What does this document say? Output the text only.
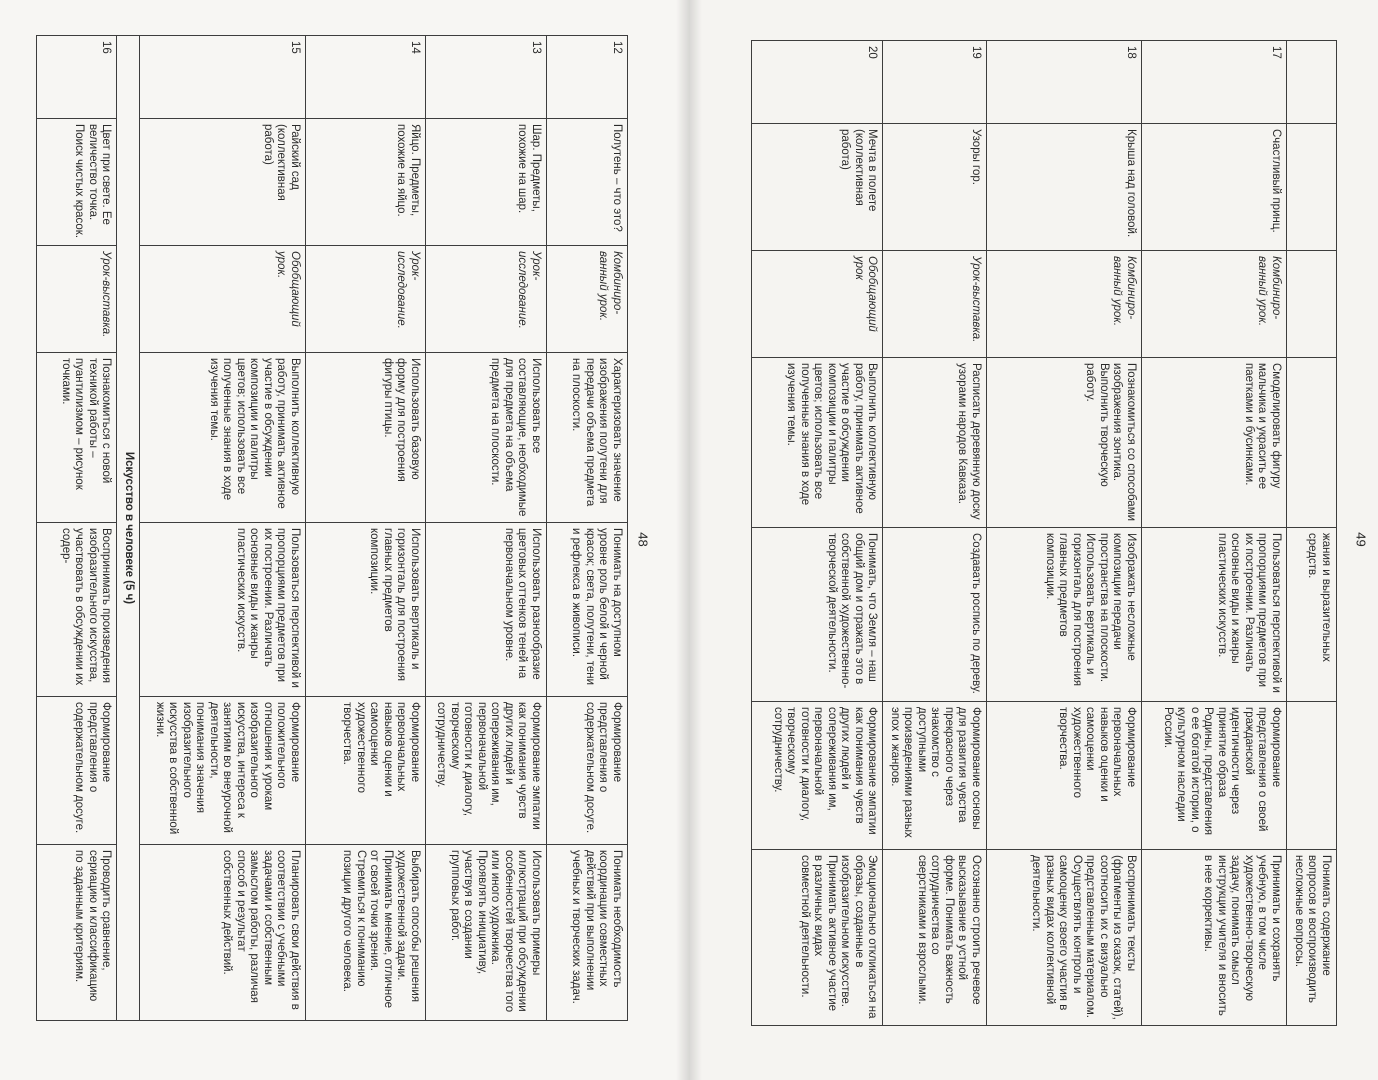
12	Полутень – что это?	Комбиниро-ванный урок.	Характеризовать значение изображения полутени для передачи объема предмета на плоскости.	Понимать на доступном уровне роль белой и черной красок; света, полутени, тени и рефлекса в живописи.	Формирование представления о содержательном досуге.	Понимать необходимость координации совместных действий при выполнении учебных и творческих задач.
13	Шар. Предметы, похожие на шар.	Урок-исследование.	Использовать все составляющие, необходимые для предмета на объема предмета на плоскости.	Использовать разнообразие цветовых оттенков теней на первоначальном уровне.	Формирование эмпатии как понимания чувств других людей и сопереживания им, первоначальной готовности к диалогу, творческому сотрудничеству.	Использовать примеры иллюстраций при обсуждении особенностей творчества того или иного художника. Проявлять инициативу, участвуя в создании групповых работ.
14	Яйцо. Предметы, похожие на яйцо.	Урок-исследование.	Использовать базовую форму для построения фигуры птицы.	Использовать вертикаль и горизонталь для построения главных предметов композиции.	Формирование первоначальных навыков оценки и самооценки художественного творчества.	Выбирать способы решения художественной задачи. Принимать мнение, отличное от своей точки зрения. Стремиться к пониманию позиции другого человека.
15	Райский сад (коллективная работа)	Обобщающий урок.	Выполнить коллективную работу, принимать активное участие в обсуждении композиции и палитры цветов; использовать все полученные знания в ходе изучения темы.	Пользоваться перспективой и пропорциями предметов при их построении. Различать основные виды и жанры пластических искусств.	Формирование положительного отношения к урокам изобразительного искусства, интереса к занятиям во внеурочной деятельности, понимания значения изобразительного искусства в собственной жизни.	Планировать свои действия в соответствии с учебными задачами и собственным замыслом работы, различая способ и результат собственных действий.
Искусство в человеке (5 ч)						
16	Цвет при свете. Ее величество точка. Поиск чистых красок.	Урок-выставка.	Познакомиться с новой техникой работы – пуантилизмом – рисунок точками.	Воспринимать произведения изобразительного искусства, участвовать в обсуждении их содер-	Формирование представления о содержательном досуге.	Проводить сравнение, сериацию и классификацию по заданным критериям.
48
					жания и выразительных средств.		Понимать содержание вопросов и воспроизводить несложные вопросы.
17	Счастливый принц.	Комбиниро-ванный урок.	Смоделировать фигуру мальчика и украсить ее паетками и бусинками.	Пользоваться перспективой и пропорциями предметов при их построении. Различать основные виды и жанры пластических искусств.	Формирование представления о своей гражданской идентичности через принятие образа Родины, представления о ее богатой истории, о культурном наследии России.	Принимать и сохранять учебную, в том числе художественно-творческую задачу, понимать смысл инструкции учителя и вносить в нее коррективы.
18	Крыша над головой.	Комбиниро-ванный урок.	Познакомиться со способами изображения зонтика. Выполнить творческую работу.	Изображать несложные композиции передачи пространства на плоскости. Использовать вертикаль и горизонталь для построения главных предметов композиции.	Формирование первоначальных навыков оценки и самооценки художественного творчества.	Воспринимать тексты (фрагменты из сказок, статей), соотносить их с визуально представленным материалом. Осуществлять контроль и самооценку своего участия в разных видах коллективной деятельности.
19	Узоры гор.	Урок-выставка.	Расписать деревянную доску узорами народов Кавказа.	Создавать роспись по дереву.	Формирование основы для развития чувства прекрасного через знакомство с доступными произведениями разных эпох и жанров.	Осознанно строить речевое высказывание в устной форме. Понимать важность сотрудничества со сверстниками и взрослыми.
20	Мечта в полете (коллективная работа)	Обобщающий урок	Выполнить коллективную работу, принимать активное участие в обсуждении композиции и палитры цветов; использовать все полученные знания в ходе изучения темы.	Понимать, что Земля – наш общий дом и отражать это в собственной художественно-творческой деятельности.	Формирование эмпатии как понимания чувств других людей и сопереживания им, первоначальной готовности к диалогу, творческому сотрудничеству.	Эмоционально откликаться на образы, созданные в изобразительном искусстве. Принимать активное участие в различных видах совместной деятельности.
49
